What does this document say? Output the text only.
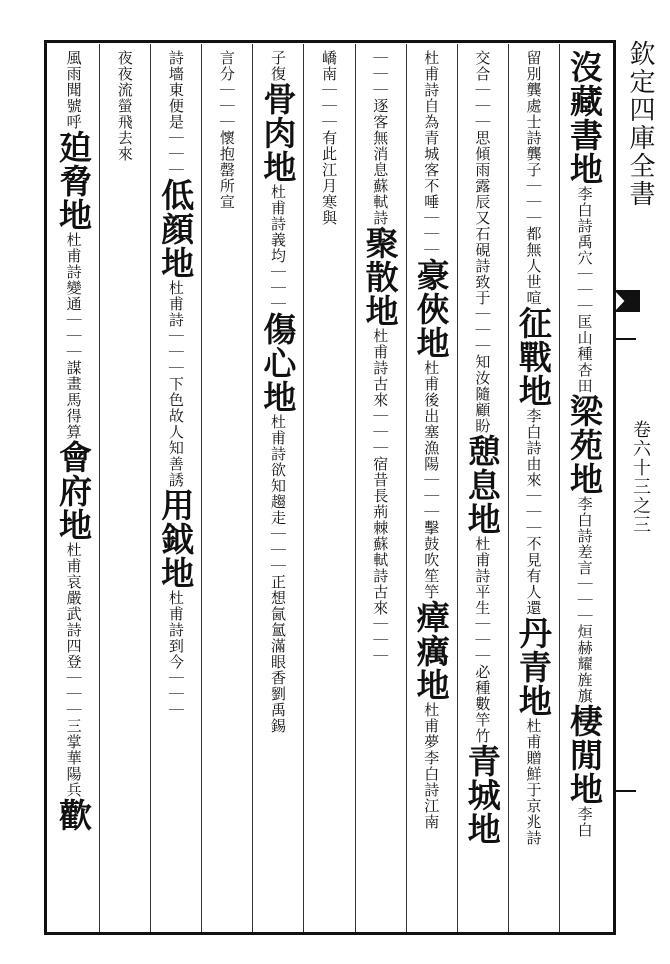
欽定四庫全書
卷六十三之三
沒藏書地
李白詩禹穴｜｜｜匡山種杏田
梁苑地
李白詩差言｜｜｜烜赫耀旌旗
棲閒地
李白
留別龔處士詩龔子｜｜｜都無人世喧
征戰地
李白詩由來｜｜｜不見有人還
丹青地
杜甫贈鮮于京兆詩
交合｜｜｜思傾雨露辰又石硯詩致于｜｜｜知汝隨顧盼
憩息地
杜甫詩平生｜｜｜必種數竿竹
青城地
杜甫詩自為青城客不唾｜｜｜
豪俠地
杜甫後出塞漁陽｜｜｜擊鼓吹笙竽
瘴癘地
杜甫夢李白詩江南
｜｜｜逐客無消息蘇軾詩
聚散地
杜甫詩古來｜｜｜宿昔長荊棘蘇軾詩古來｜｜｜
嶠南｜｜｜有此江月寒
與
子復
骨肉地
杜甫詩義均｜｜｜
傷心地
杜甫詩欲知趨走｜｜｜正想氤氳滿眼香劉禹錫
言分｜｜｜懷抱罄所宣
詩墻東便是｜｜｜
低顔地
杜甫詩｜｜｜下色故人知善誘
用鉞地
杜甫詩到今｜｜｜
夜夜流螢飛去來
風雨聞號呼
廹脅地
杜甫詩變通｜｜｜謀畫馬得算
會府地
杜甫哀嚴武詩四登｜｜｜三掌華陽兵
歡
